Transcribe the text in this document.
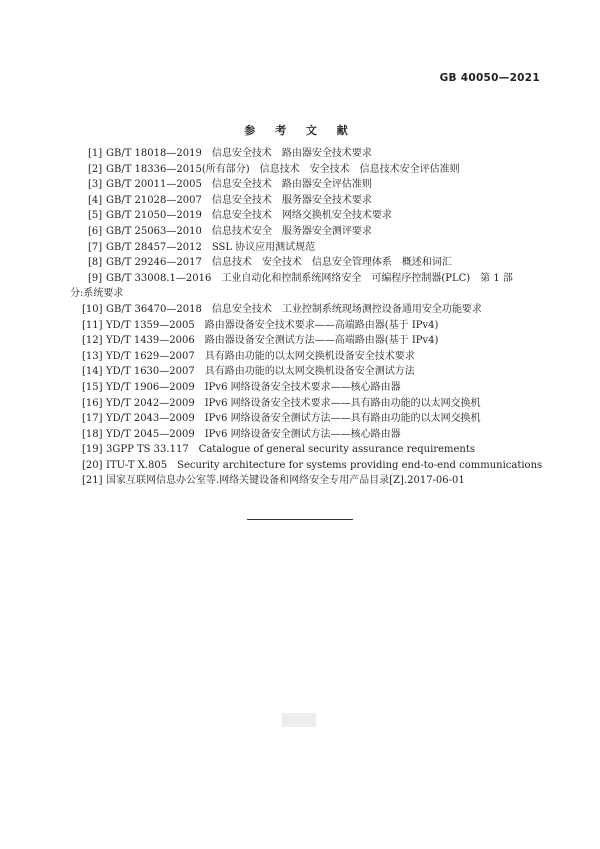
GB 40050—2021
参 考 文 献
[1] GB/T 18018—2019　信息安全技术　路由器安全技术要求
[2] GB/T 18336—2015(所有部分)　信息技术　安全技术　信息技术安全评估准则
[3] GB/T 20011—2005　信息安全技术　路由器安全评估准则
[4] GB/T 21028—2007　信息安全技术　服务器安全技术要求
[5] GB/T 21050—2019　信息安全技术　网络交换机安全技术要求
[6] GB/T 25063—2010　信息技术安全　服务器安全测评要求
[7] GB/T 28457—2012　SSL 协议应用测试规范
[8] GB/T 29246—2017　信息技术　安全技术　信息安全管理体系　概述和词汇
[9] GB/T 33008.1—2016　工业自动化和控制系统网络安全　可编程序控制器(PLC)　第 1 部
分:系统要求
[10] GB/T 36470—2018　信息安全技术　工业控制系统现场测控设备通用安全功能要求
[11] YD/T 1359—2005　路由器设备安全技术要求——高端路由器(基于 IPv4)
[12] YD/T 1439—2006　路由器设备安全测试方法——高端路由器(基于 IPv4)
[13] YD/T 1629—2007　具有路由功能的以太网交换机设备安全技术要求
[14] YD/T 1630—2007　具有路由功能的以太网交换机设备安全测试方法
[15] YD/T 1906—2009　IPv6 网络设备安全技术要求——核心路由器
[16] YD/T 2042—2009　IPv6 网络设备安全技术要求——具有路由功能的以太网交换机
[17] YD/T 2043—2009　IPv6 网络设备安全测试方法——具有路由功能的以太网交换机
[18] YD/T 2045—2009　IPv6 网络设备安全测试方法——核心路由器
[19] 3GPP TS 33.117　Catalogue of general security assurance requirements
[20] ITU-T X.805　Security architecture for systems providing end-to-end communications
[21] 国家互联网信息办公室等.网络关键设备和网络安全专用产品目录[Z].2017-06-01
